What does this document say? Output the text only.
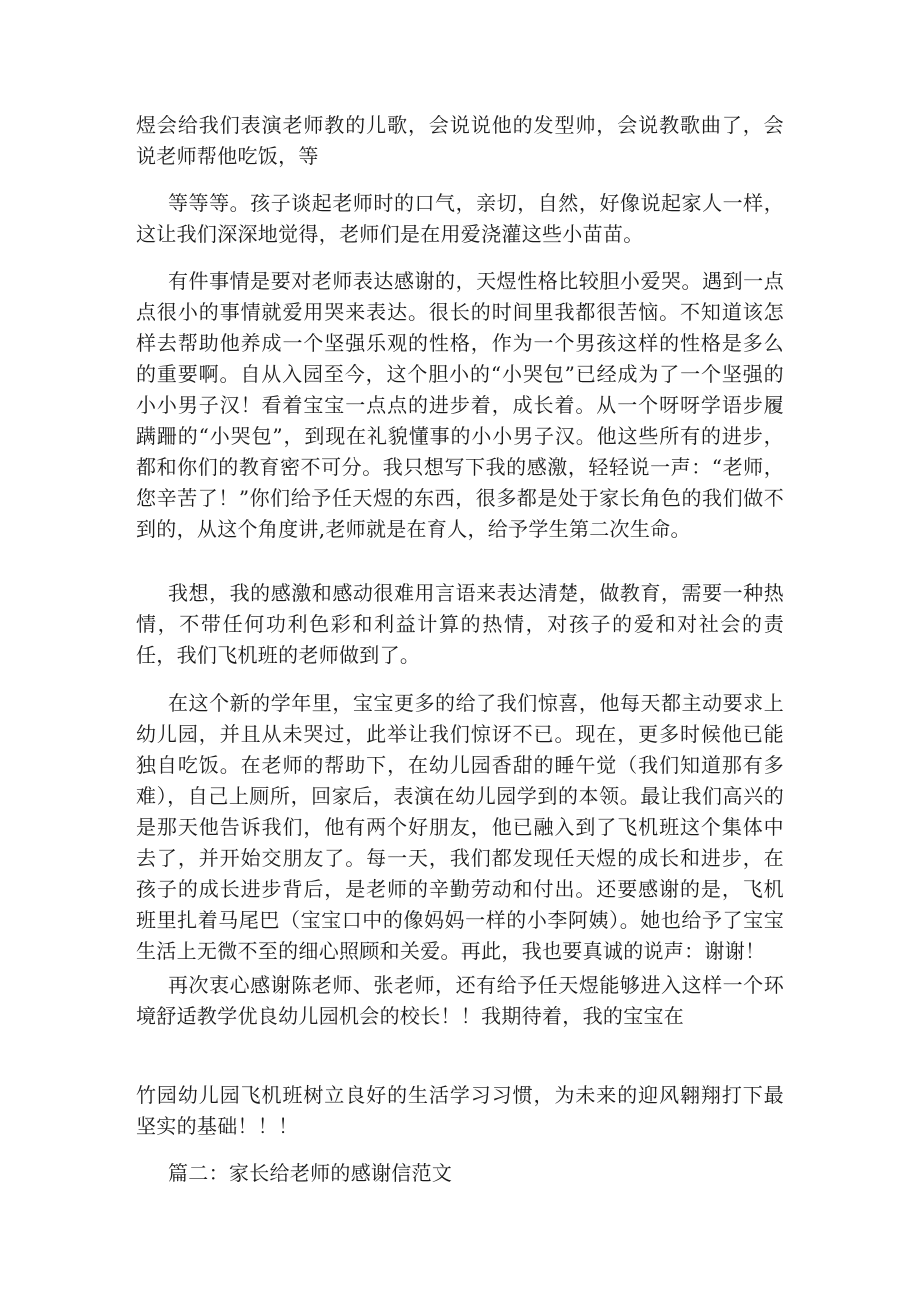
煜会给我们表演老师教的儿歌，会说说他的发型帅，会说教歌曲了，会说老师帮他吃饭，等

等等等。孩子谈起老师时的口气，亲切，自然，好像说起家人一样，这让我们深深地觉得，老师们是在用爱浇灌这些小苗苗。

有件事情是要对老师表达感谢的，天煜性格比较胆小爱哭。遇到一点点很小的事情就爱用哭来表达。很长的时间里我都很苦恼。不知道该怎样去帮助他养成一个坚强乐观的性格，作为一个男孩这样的性格是多么的重要啊。自从入园至今，这个胆小的“小哭包”已经成为了一个坚强的小小男子汉！看着宝宝一点点的进步着，成长着。从一个呀呀学语步履蹒跚的“小哭包”，到现在礼貌懂事的小小男子汉。他这些所有的进步，都和你们的教育密不可分。我只想写下我的感激，轻轻说一声：“老师，您辛苦了！”你们给予任天煜的东西，很多都是处于家长角色的我们做不到的，从这个角度讲,老师就是在育人，给予学生第二次生命。

我想，我的感激和感动很难用言语来表达清楚，做教育，需要一种热情，不带任何功利色彩和利益计算的热情，对孩子的爱和对社会的责任，我们飞机班的老师做到了。

在这个新的学年里，宝宝更多的给了我们惊喜，他每天都主动要求上幼儿园，并且从未哭过，此举让我们惊讶不已。现在，更多时候他已能独自吃饭。在老师的帮助下，在幼儿园香甜的睡午觉（我们知道那有多难），自己上厕所，回家后，表演在幼儿园学到的本领。最让我们高兴的是那天他告诉我们，他有两个好朋友，他已融入到了飞机班这个集体中去了，并开始交朋友了。每一天，我们都发现任天煜的成长和进步，在孩子的成长进步背后，是老师的辛勤劳动和付出。还要感谢的是，飞机班里扎着马尾巴（宝宝口中的像妈妈一样的小李阿姨）。她也给予了宝宝生活上无微不至的细心照顾和关爱。再此，我也要真诚的说声：谢谢！

再次衷心感谢陈老师、张老师，还有给予任天煜能够进入这样一个环境舒适教学优良幼儿园机会的校长！！我期待着，我的宝宝在

竹园幼儿园飞机班树立良好的生活学习习惯，为未来的迎风翱翔打下最坚实的基础！！！

篇二：家长给老师的感谢信范文
